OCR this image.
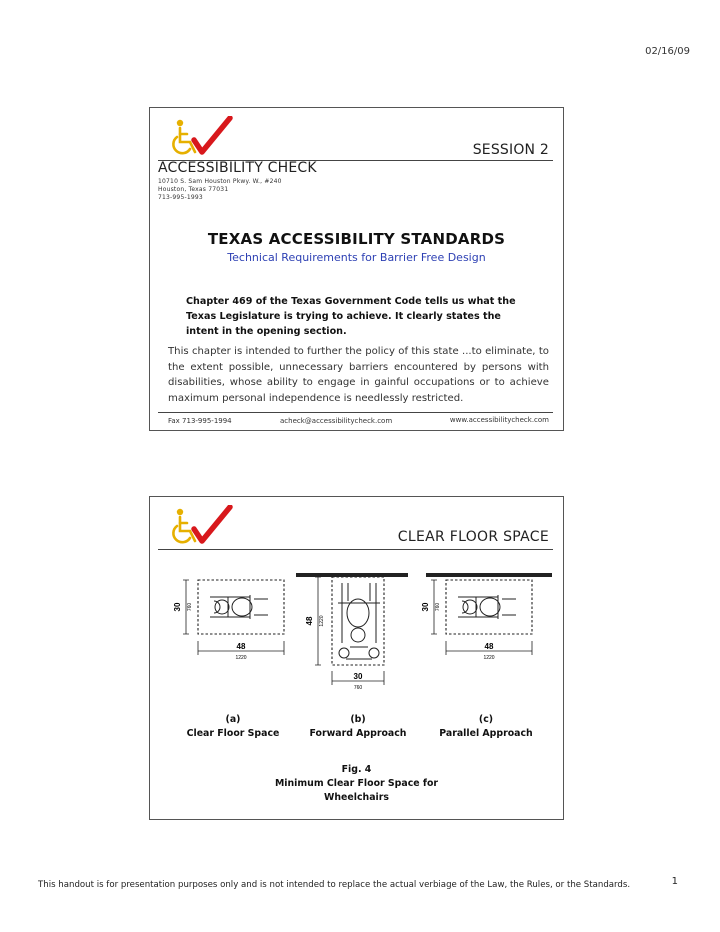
02/16/09
SESSION 2
ACCESSIBILITY CHECK
10710 S. Sam Houston Pkwy. W., #240
Houston, Texas 77031
713-995-1993
TEXAS ACCESSIBILITY STANDARDS
Technical Requirements for Barrier Free Design
Chapter 469 of the Texas Government Code tells us what the Texas Legislature is trying to achieve. It clearly states the intent in the opening section.
This chapter is intended to further the policy of this state ...to eliminate, to the extent possible, unnecessary barriers encountered by persons with disabilities, whose ability to engage in gainful occupations or to achieve maximum personal independence is needlessly restricted.
Fax 713-995-1994	acheck@accessibilitycheck.com	www.accessibilitycheck.com
CLEAR FLOOR SPACE
30 760
48
1220
48 1220
30
760
30 760
48
1220
(a)
Clear Floor Space
(b)
Forward Approach
(c)
Parallel Approach
Fig. 4
Minimum Clear Floor Space for
Wheelchairs
This handout is for presentation purposes only and is not intended to replace the actual verbiage of the Law, the Rules, or the Standards.	1
